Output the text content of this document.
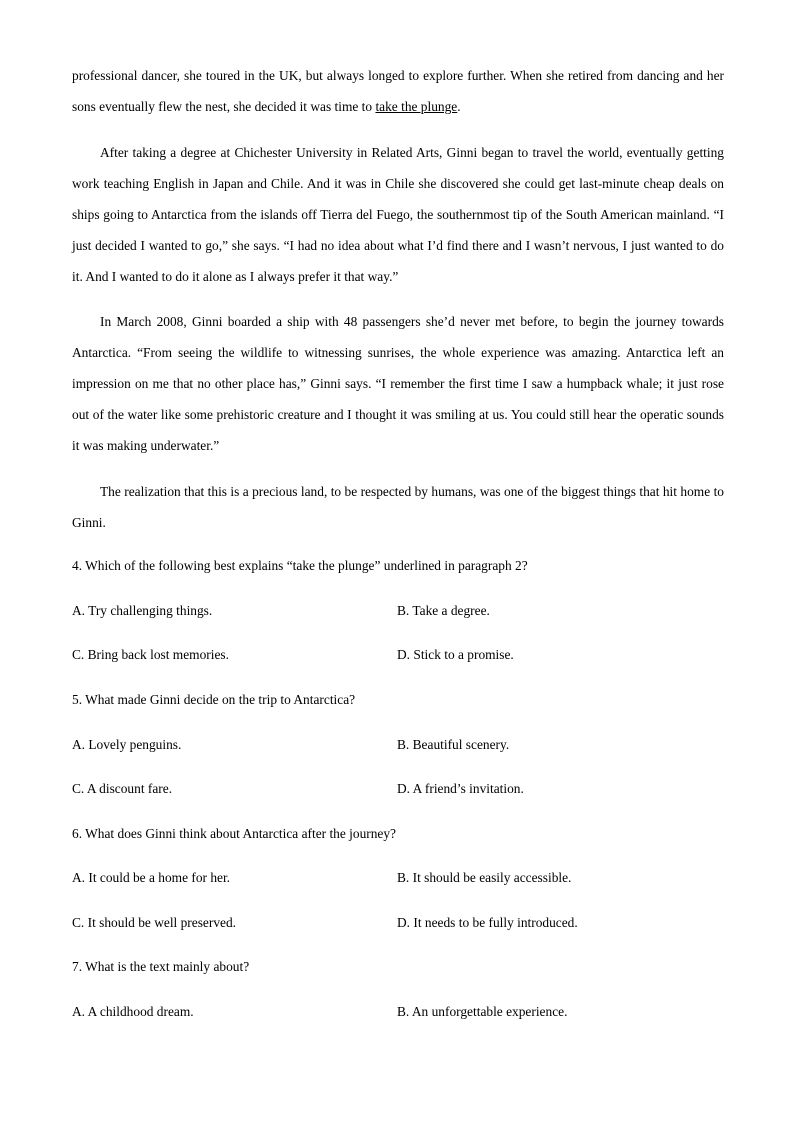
professional dancer, she toured in the UK, but always longed to explore further. When she retired from dancing and her sons eventually flew the nest, she decided it was time to take the plunge.

After taking a degree at Chichester University in Related Arts, Ginni began to travel the world, eventually getting work teaching English in Japan and Chile. And it was in Chile she discovered she could get last-minute cheap deals on ships going to Antarctica from the islands off Tierra del Fuego, the southernmost tip of the South American mainland. “I just decided I wanted to go,” she says. “I had no idea about what I’d find there and I wasn’t nervous, I just wanted to do it. And I wanted to do it alone as I always prefer it that way.”

In March 2008, Ginni boarded a ship with 48 passengers she’d never met before, to begin the journey towards Antarctica. “From seeing the wildlife to witnessing sunrises, the whole experience was amazing. Antarctica left an impression on me that no other place has,” Ginni says. “I remember the first time I saw a humpback whale; it just rose out of the water like some prehistoric creature and I thought it was smiling at us. You could still hear the operatic sounds it was making underwater.”

The realization that this is a precious land, to be respected by humans, was one of the biggest things that hit home to Ginni.

4. Which of the following best explains “take the plunge” underlined in paragraph 2?

A. Try challenging things.	B. Take a degree.
C. Bring back lost memories.	D. Stick to a promise.

5. What made Ginni decide on the trip to Antarctica?

A. Lovely penguins.	B. Beautiful scenery.
C. A discount fare.	D. A friend’s invitation.

6. What does Ginni think about Antarctica after the journey?

A. It could be a home for her.	B. It should be easily accessible.
C. It should be well preserved.	D. It needs to be fully introduced.

7. What is the text mainly about?

A. A childhood dream.	B. An unforgettable experience.
